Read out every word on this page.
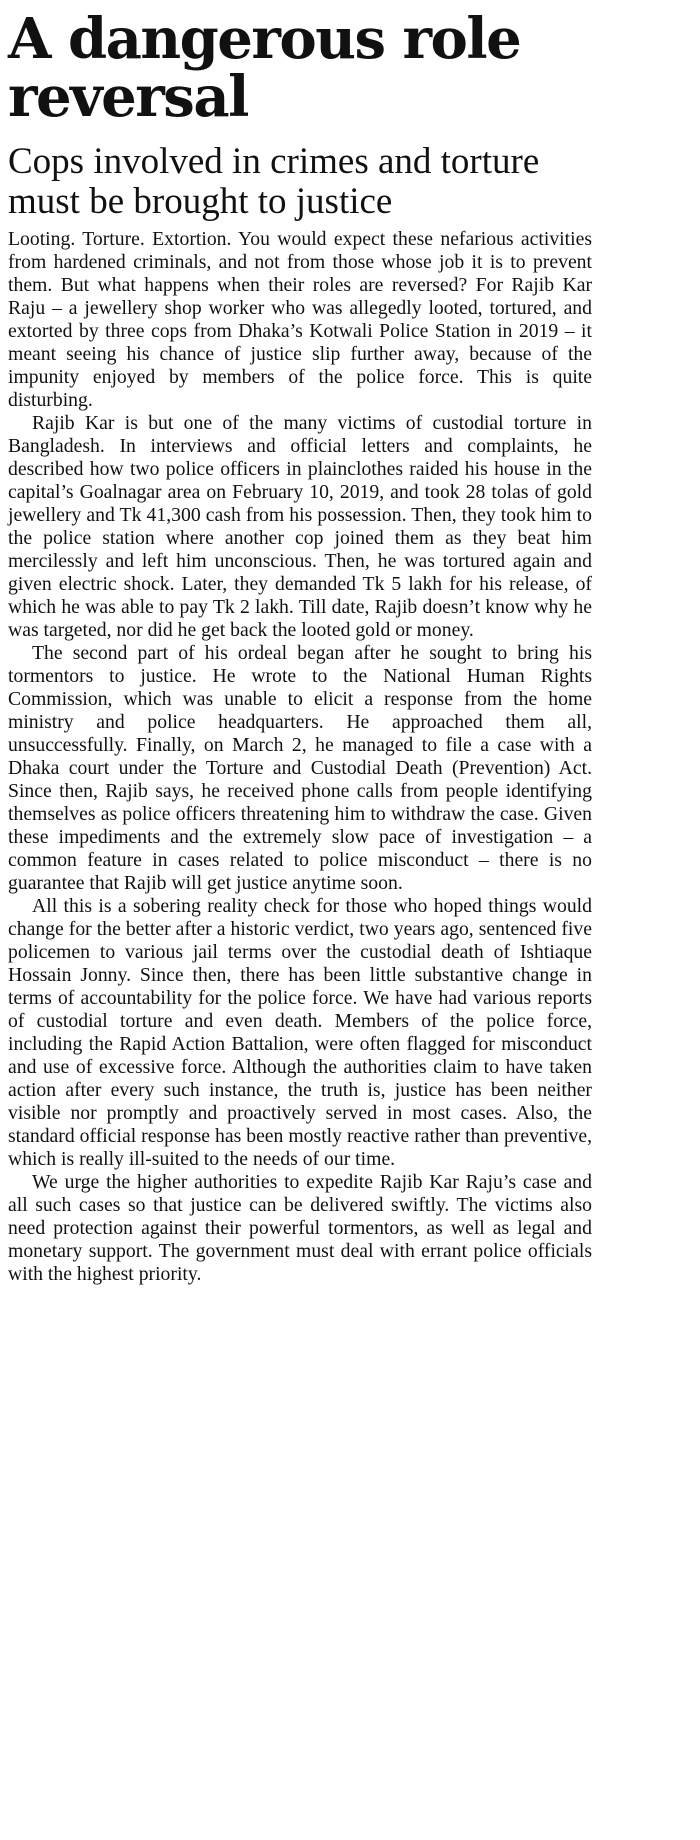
A dangerous role reversal
Cops involved in crimes and torture must be brought to justice

Looting. Torture. Extortion. You would expect these nefarious activities from hardened criminals, and not from those whose job it is to prevent them. But what happens when their roles are reversed? For Rajib Kar Raju – a jewellery shop worker who was allegedly looted, tortured, and extorted by three cops from Dhaka’s Kotwali Police Station in 2019 – it meant seeing his chance of justice slip further away, because of the impunity enjoyed by members of the police force. This is quite disturbing.

Rajib Kar is but one of the many victims of custodial torture in Bangladesh. In interviews and official letters and complaints, he described how two police officers in plainclothes raided his house in the capital’s Goalnagar area on February 10, 2019, and took 28 tolas of gold jewellery and Tk 41,300 cash from his possession. Then, they took him to the police station where another cop joined them as they beat him mercilessly and left him unconscious. Then, he was tortured again and given electric shock. Later, they demanded Tk 5 lakh for his release, of which he was able to pay Tk 2 lakh. Till date, Rajib doesn’t know why he was targeted, nor did he get back the looted gold or money.

The second part of his ordeal began after he sought to bring his tormentors to justice. He wrote to the National Human Rights Commission, which was unable to elicit a response from the home ministry and police headquarters. He approached them all, unsuccessfully. Finally, on March 2, he managed to file a case with a Dhaka court under the Torture and Custodial Death (Prevention) Act. Since then, Rajib says, he received phone calls from people identifying themselves as police officers threatening him to withdraw the case. Given these impediments and the extremely slow pace of investigation – a common feature in cases related to police misconduct – there is no guarantee that Rajib will get justice anytime soon.

All this is a sobering reality check for those who hoped things would change for the better after a historic verdict, two years ago, sentenced five policemen to various jail terms over the custodial death of Ishtiaque Hossain Jonny. Since then, there has been little substantive change in terms of accountability for the police force. We have had various reports of custodial torture and even death. Members of the police force, including the Rapid Action Battalion, were often flagged for misconduct and use of excessive force. Although the authorities claim to have taken action after every such instance, the truth is, justice has been neither visible nor promptly and proactively served in most cases. Also, the standard official response has been mostly reactive rather than preventive, which is really ill-suited to the needs of our time.

We urge the higher authorities to expedite Rajib Kar Raju’s case and all such cases so that justice can be delivered swiftly. The victims also need protection against their powerful tormentors, as well as legal and monetary support. The government must deal with errant police officials with the highest priority.
